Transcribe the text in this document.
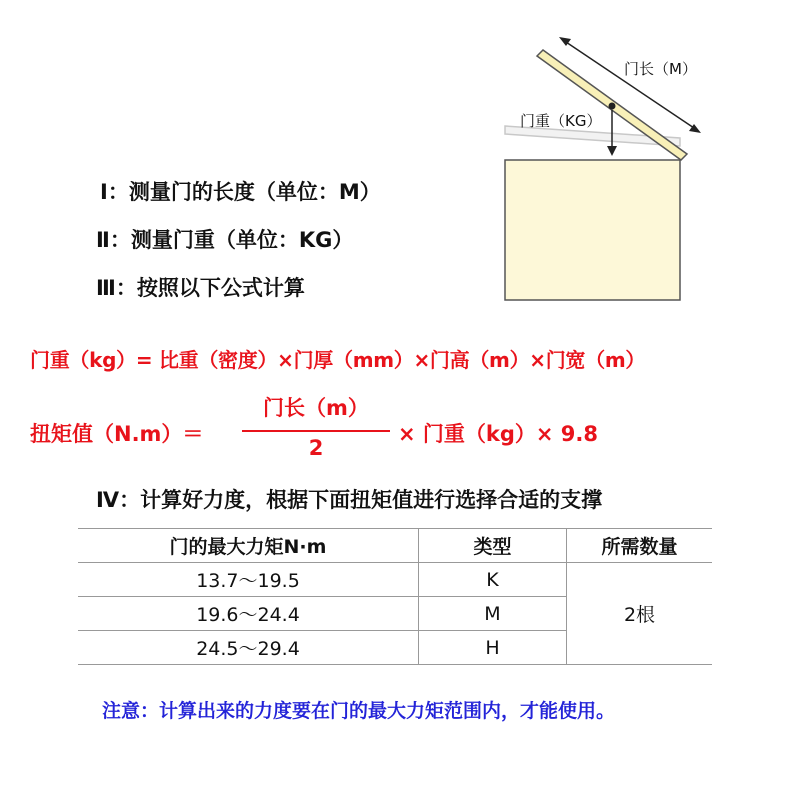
门长（M）
门重（KG）
Ⅰ：测量门的长度（单位：M）
Ⅱ：测量门重（单位：KG）
Ⅲ：按照以下公式计算
门重（kg）= 比重（密度）×门厚（mm）×门高（m）×门宽（m）
扭矩值（N.m）＝
门长（m）
2
× 门重（kg）× 9.8
Ⅳ：计算好力度，根据下面扭矩值进行选择合适的支撑
门的最大力矩N·m	类型	所需数量
13.7～19.5	K	2根
19.6～24.4	M	
24.5～29.4	H	
注意：计算出来的力度要在门的最大力矩范围内，才能使用。
